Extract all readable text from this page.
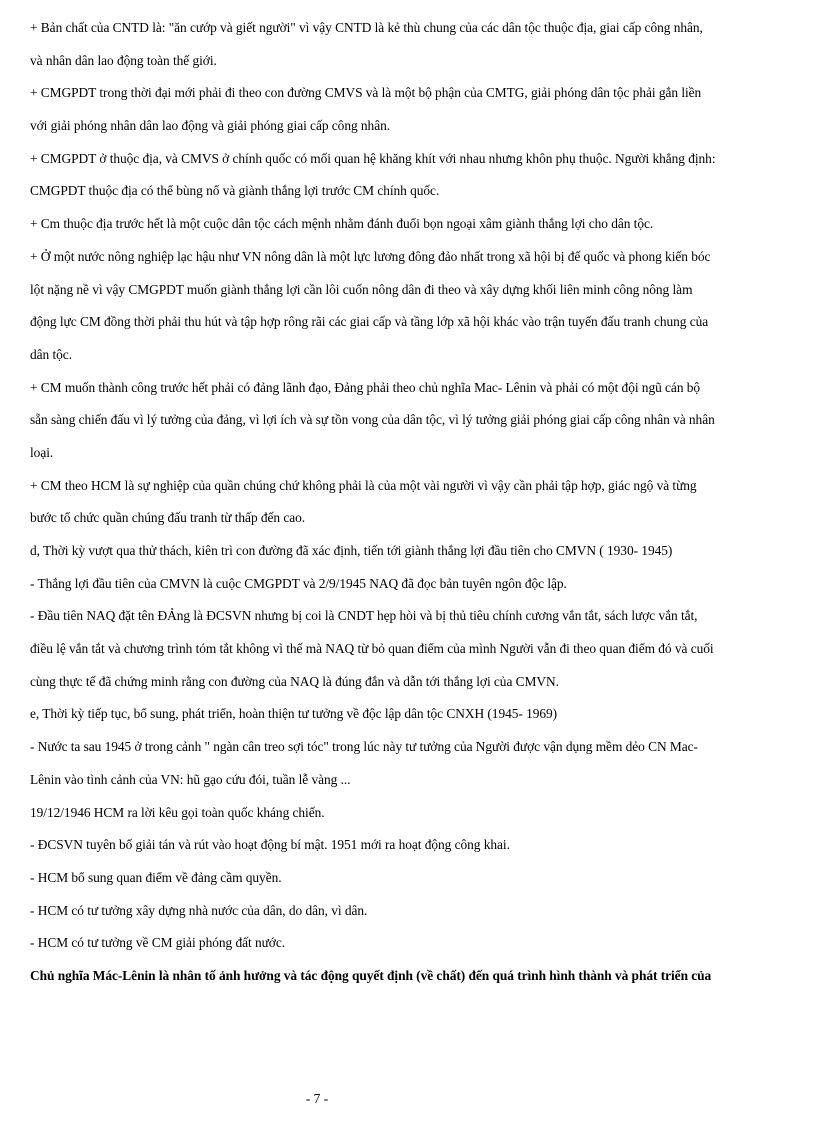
+ Bản chất của CNTD là: "ăn cướp và giết người" vì vậy CNTD là kẻ thù chung của các dân tộc thuộc địa, giai cấp công nhân,
và nhân dân lao động toàn thế giới.
+ CMGPDT trong thời đại mới phải đi theo con đường CMVS và là một bộ phận của CMTG, giải phóng dân tộc phải gắn liền
với giải phóng nhân dân lao động và giải phóng giai cấp công nhân.
+ CMGPDT ở thuộc địa, và CMVS ở chính quốc có mối quan hệ khăng khít với nhau nhưng khôn phụ thuộc. Người khẳng định:
CMGPDT thuộc địa có thể bùng nổ và giành thắng lợi trước CM chính quốc.
+ Cm thuộc địa trước hết là một cuộc dân tộc cách mệnh nhằm đánh đuổi bọn ngoại xâm giành thắng lợi cho dân tộc.
+ Ở một nước nông nghiệp lạc hậu như VN nông dân là một lực lương đông đảo nhất trong xã hội bị đế quốc và phong kiến bóc
lột nặng nề vì vậy CMGPDT muốn giành thắng lợi cần lôi cuốn nông dân đi theo và xây dựng khối liên minh công nông làm
động lực CM đồng thời phải thu hút và tập hợp rông rãi các giai cấp và tầng lớp xã hội khác vào trận tuyến đấu tranh chung của
dân tộc.
+ CM muốn thành công trước hết phải có đảng lãnh đạo, Đảng phải theo chủ nghĩa Mac- Lênin và phải có một đội ngũ cán bộ
sẵn sàng chiến đấu vì lý tưởng của đảng, vì lợi ích và sự tồn vong của dân tộc, vì lý tưởng giải phóng giai cấp công nhân và nhân
loại.
+ CM theo HCM là sự nghiệp của quần chúng chứ không phải là của một vài người vì vậy cần phải tập hợp, giác ngộ và từng
bước tổ chức quần chúng đấu tranh từ thấp đến cao.
d, Thời kỳ vượt qua thử thách, kiên trì con đường đã xác định, tiến tới giành thắng lợi đầu tiên cho CMVN ( 1930- 1945)
- Thắng lợi đầu tiên của CMVN là cuộc CMGPDT và 2/9/1945 NAQ đã đọc bản tuyên ngôn độc lập.
- Đầu tiên NAQ đặt tên ĐẢng là ĐCSVN nhưng bị coi là CNDT hẹp hòi và bị thủ tiêu chính cương vắn tắt, sách lược vắn tắt,
điều lệ vắn tắt và chương trình tóm tắt không vì thế mà NAQ từ bỏ quan điểm của mình Người vẫn đi theo quan điểm đó và cuối
cùng thực tế đã chứng minh rằng con đường của NAQ là đúng đắn và dẫn tới thắng lợi của CMVN.
e, Thời kỳ tiếp tục, bổ sung, phát triển, hoàn thiện tư tưởng về độc lập dân tộc CNXH (1945- 1969)
- Nước ta sau 1945 ở trong cảnh " ngàn cân treo sợi tóc" trong lúc này tư tưởng của Người được vận dụng mềm dẻo CN Mac-
Lênin vào tình cảnh của VN: hũ gạo cứu đói, tuần lễ vàng ...
19/12/1946 HCM ra lời kêu gọi toàn quốc kháng chiến.
- ĐCSVN tuyên bố giải tán và rút vào hoạt động bí mật. 1951 mới ra hoạt động công khai.
- HCM bổ sung quan điểm về đảng cầm quyền.
- HCM có tư tưởng xây dựng nhà nước của dân, do dân, vì dân.
- HCM có tư tưởng về CM giải phóng đất nước.
Chủ nghĩa Mác-Lênin là nhân tố ảnh hưởng và tác động quyết định (về chất) đến quá trình hình thành và phát triển của
- 7 -
